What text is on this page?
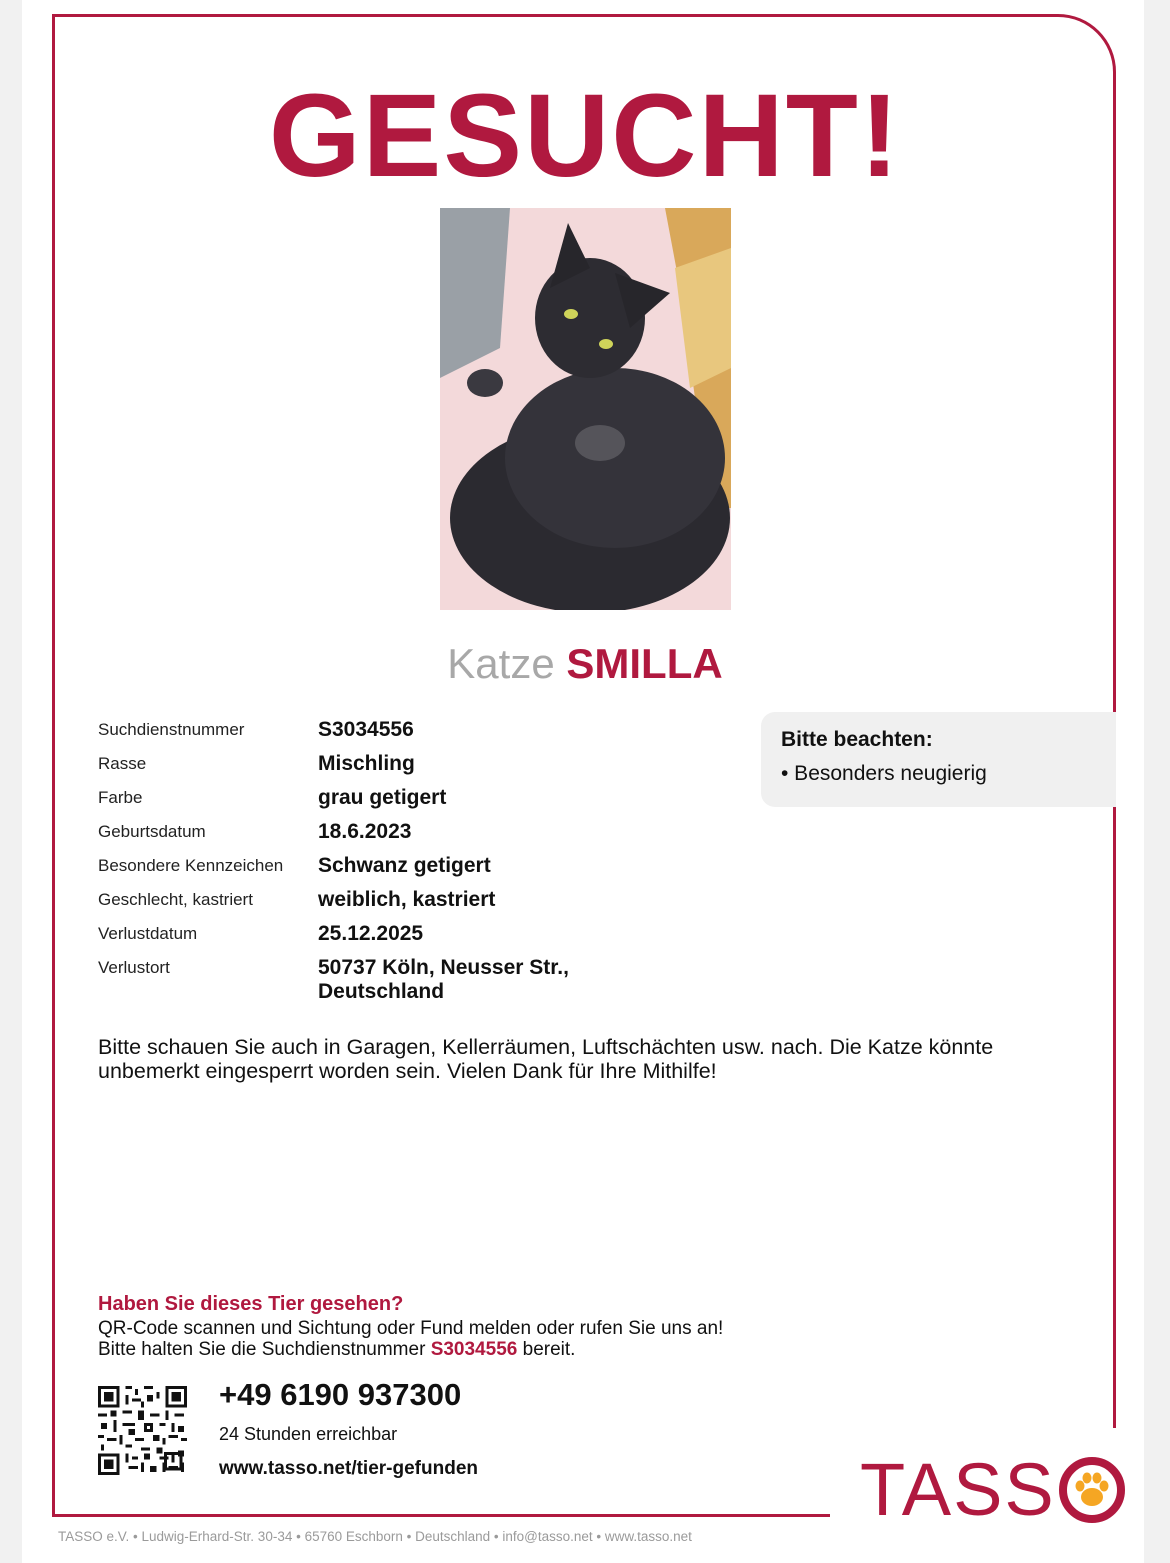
GESUCHT!
Katze SMILLA
Suchdienstnummer	S3034556
Rasse	Mischling
Farbe	grau getigert
Geburtsdatum	18.6.2023
Besondere Kennzeichen	Schwanz getigert
Geschlecht, kastriert	weiblich, kastriert
Verlustdatum	25.12.2025
Verlustort	50737 Köln, Neusser Str., Deutschland
Bitte beachten:
• Besonders neugierig
Bitte schauen Sie auch in Garagen, Kellerräumen, Luftschächten usw. nach. Die Katze könnte unbemerkt eingesperrt worden sein. Vielen Dank für Ihre Mithilfe!
Haben Sie dieses Tier gesehen?
QR-Code scannen und Sichtung oder Fund melden oder rufen Sie uns an!
Bitte halten Sie die Suchdienstnummer S3034556 bereit.
+49 6190 937300
24 Stunden erreichbar
www.tasso.net/tier-gefunden	TASS
TASSO e.V. • Ludwig-Erhard-Str. 30-34 • 65760 Eschborn • Deutschland • info@tasso.net • www.tasso.net
